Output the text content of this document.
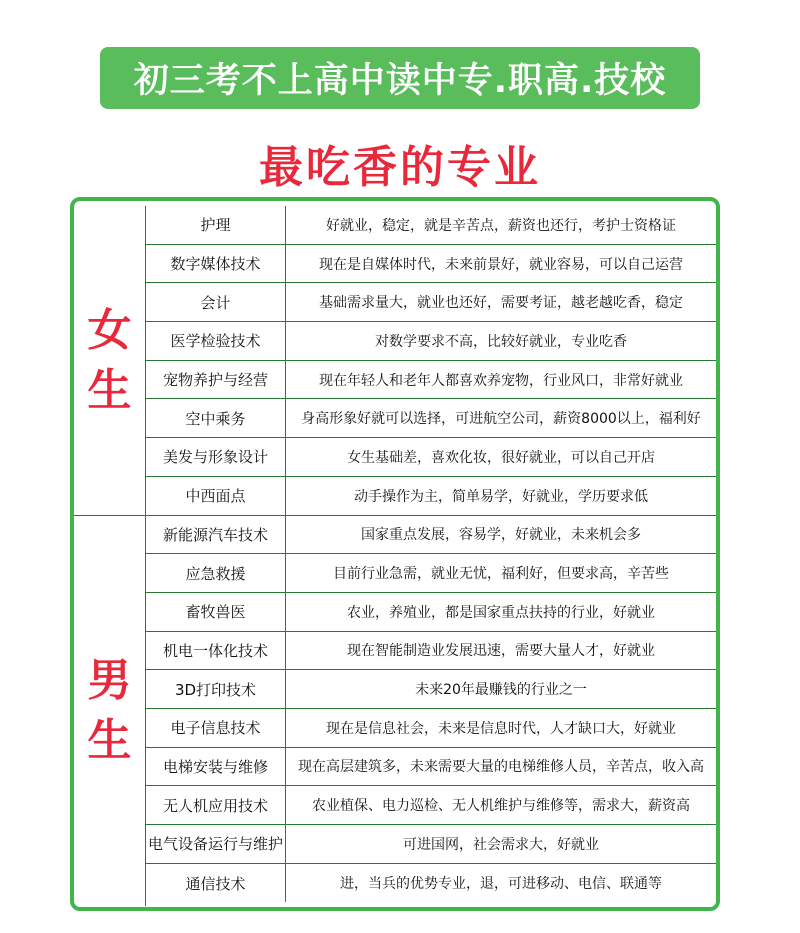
初三考不上高中读中专.职高.技校
最吃香的专业
女
生
男
生
护理	好就业，稳定，就是辛苦点，薪资也还行，考护士资格证
数字媒体技术	现在是自媒体时代，未来前景好，就业容易，可以自己运营
会计	基础需求量大，就业也还好，需要考证，越老越吃香，稳定
医学检验技术	对数学要求不高，比较好就业，专业吃香
宠物养护与经营	现在年轻人和老年人都喜欢养宠物，行业风口，非常好就业
空中乘务	身高形象好就可以选择，可进航空公司，薪资8000以上，福利好
美发与形象设计	女生基础差，喜欢化妆，很好就业，可以自己开店
中西面点	动手操作为主，简单易学，好就业，学历要求低
新能源汽车技术	国家重点发展，容易学，好就业，未来机会多
应急救援	目前行业急需，就业无忧，福利好，但要求高，辛苦些
畜牧兽医	农业，养殖业，都是国家重点扶持的行业，好就业
机电一体化技术	现在智能制造业发展迅速，需要大量人才，好就业
3D打印技术	未来20年最赚钱的行业之一
电子信息技术	现在是信息社会，未来是信息时代，人才缺口大，好就业
电梯安装与维修	现在高层建筑多，未来需要大量的电梯维修人员，辛苦点，收入高
无人机应用技术	农业植保、电力巡检、无人机维护与维修等，需求大，薪资高
电气设备运行与维护	可进国网，社会需求大，好就业
通信技术	进，当兵的优势专业，退，可进移动、电信、联通等
